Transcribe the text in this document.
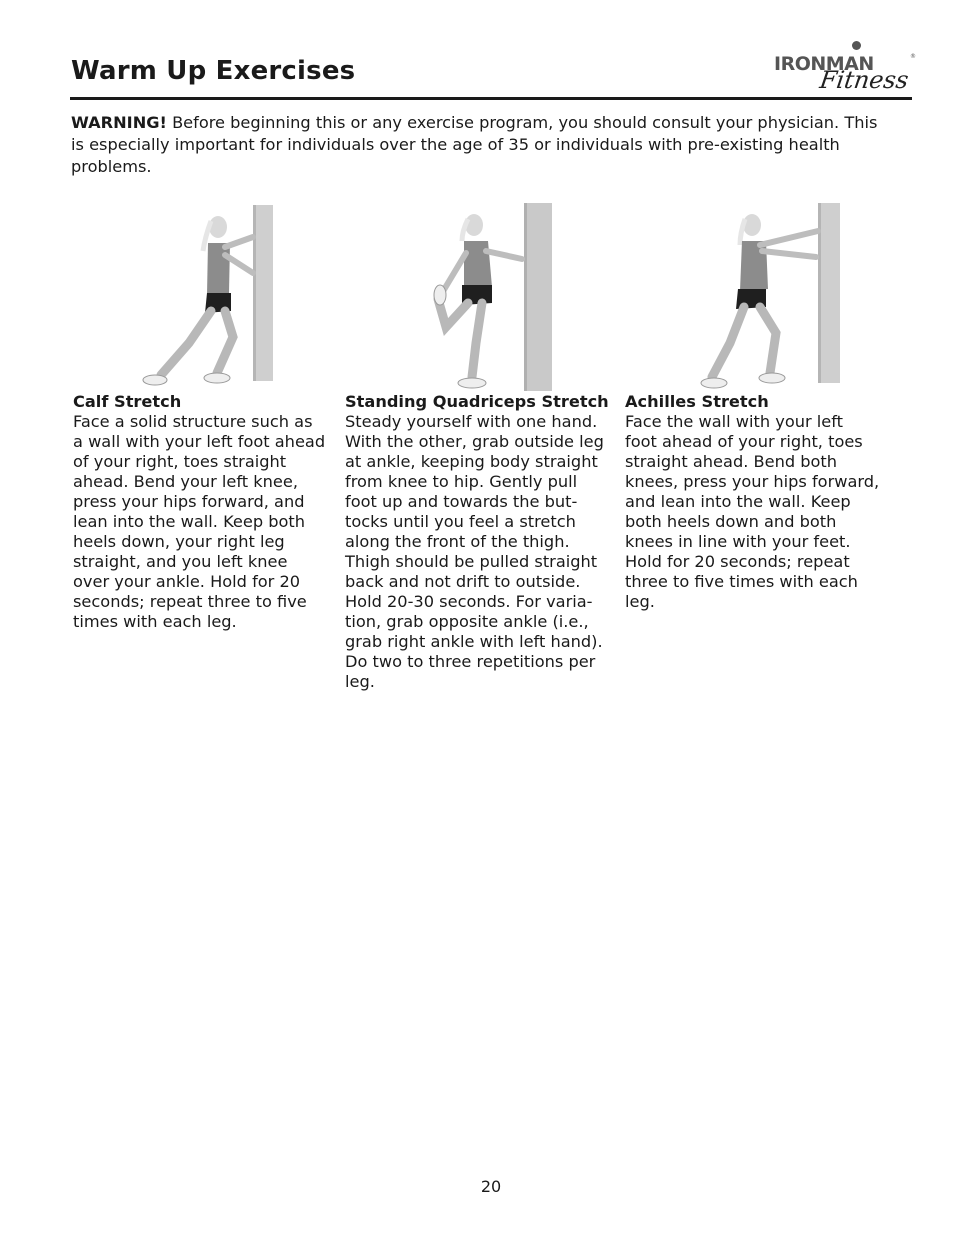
Warm Up Exercises	IRONMAN
Fitness
®

WARNING! Before beginning this or any exercise program, you should consult your physician. This is especially important for individuals over the age of 35 or individuals with pre-existing health problems.

Calf Stretch

Face a solid structure such as
a wall with your left foot ahead
of your right, toes straight
ahead. Bend your left knee,
press your hips forward, and
lean into the wall. Keep both
heels down, your right leg
straight, and you left knee
over your ankle. Hold for 20
seconds; repeat three to five
times with each leg.

Standing Quadriceps Stretch

Steady yourself with one hand.
With the other, grab outside leg
at ankle, keeping body straight
from knee to hip. Gently pull
foot up and towards the but-
tocks until you feel a stretch
along the front of the thigh.
Thigh should be pulled straight
back and not drift to outside.
Hold 20-30 seconds. For varia-
tion, grab opposite ankle (i.e.,
grab right ankle with left hand).
Do two to three repetitions per
leg.

Achilles Stretch

Face the wall with your left
foot ahead of your right, toes
straight ahead. Bend both
knees, press your hips forward,
and lean into the wall. Keep
both heels down and both
knees in line with your feet.
Hold for 20 seconds; repeat
three to five times with each
leg.

20
